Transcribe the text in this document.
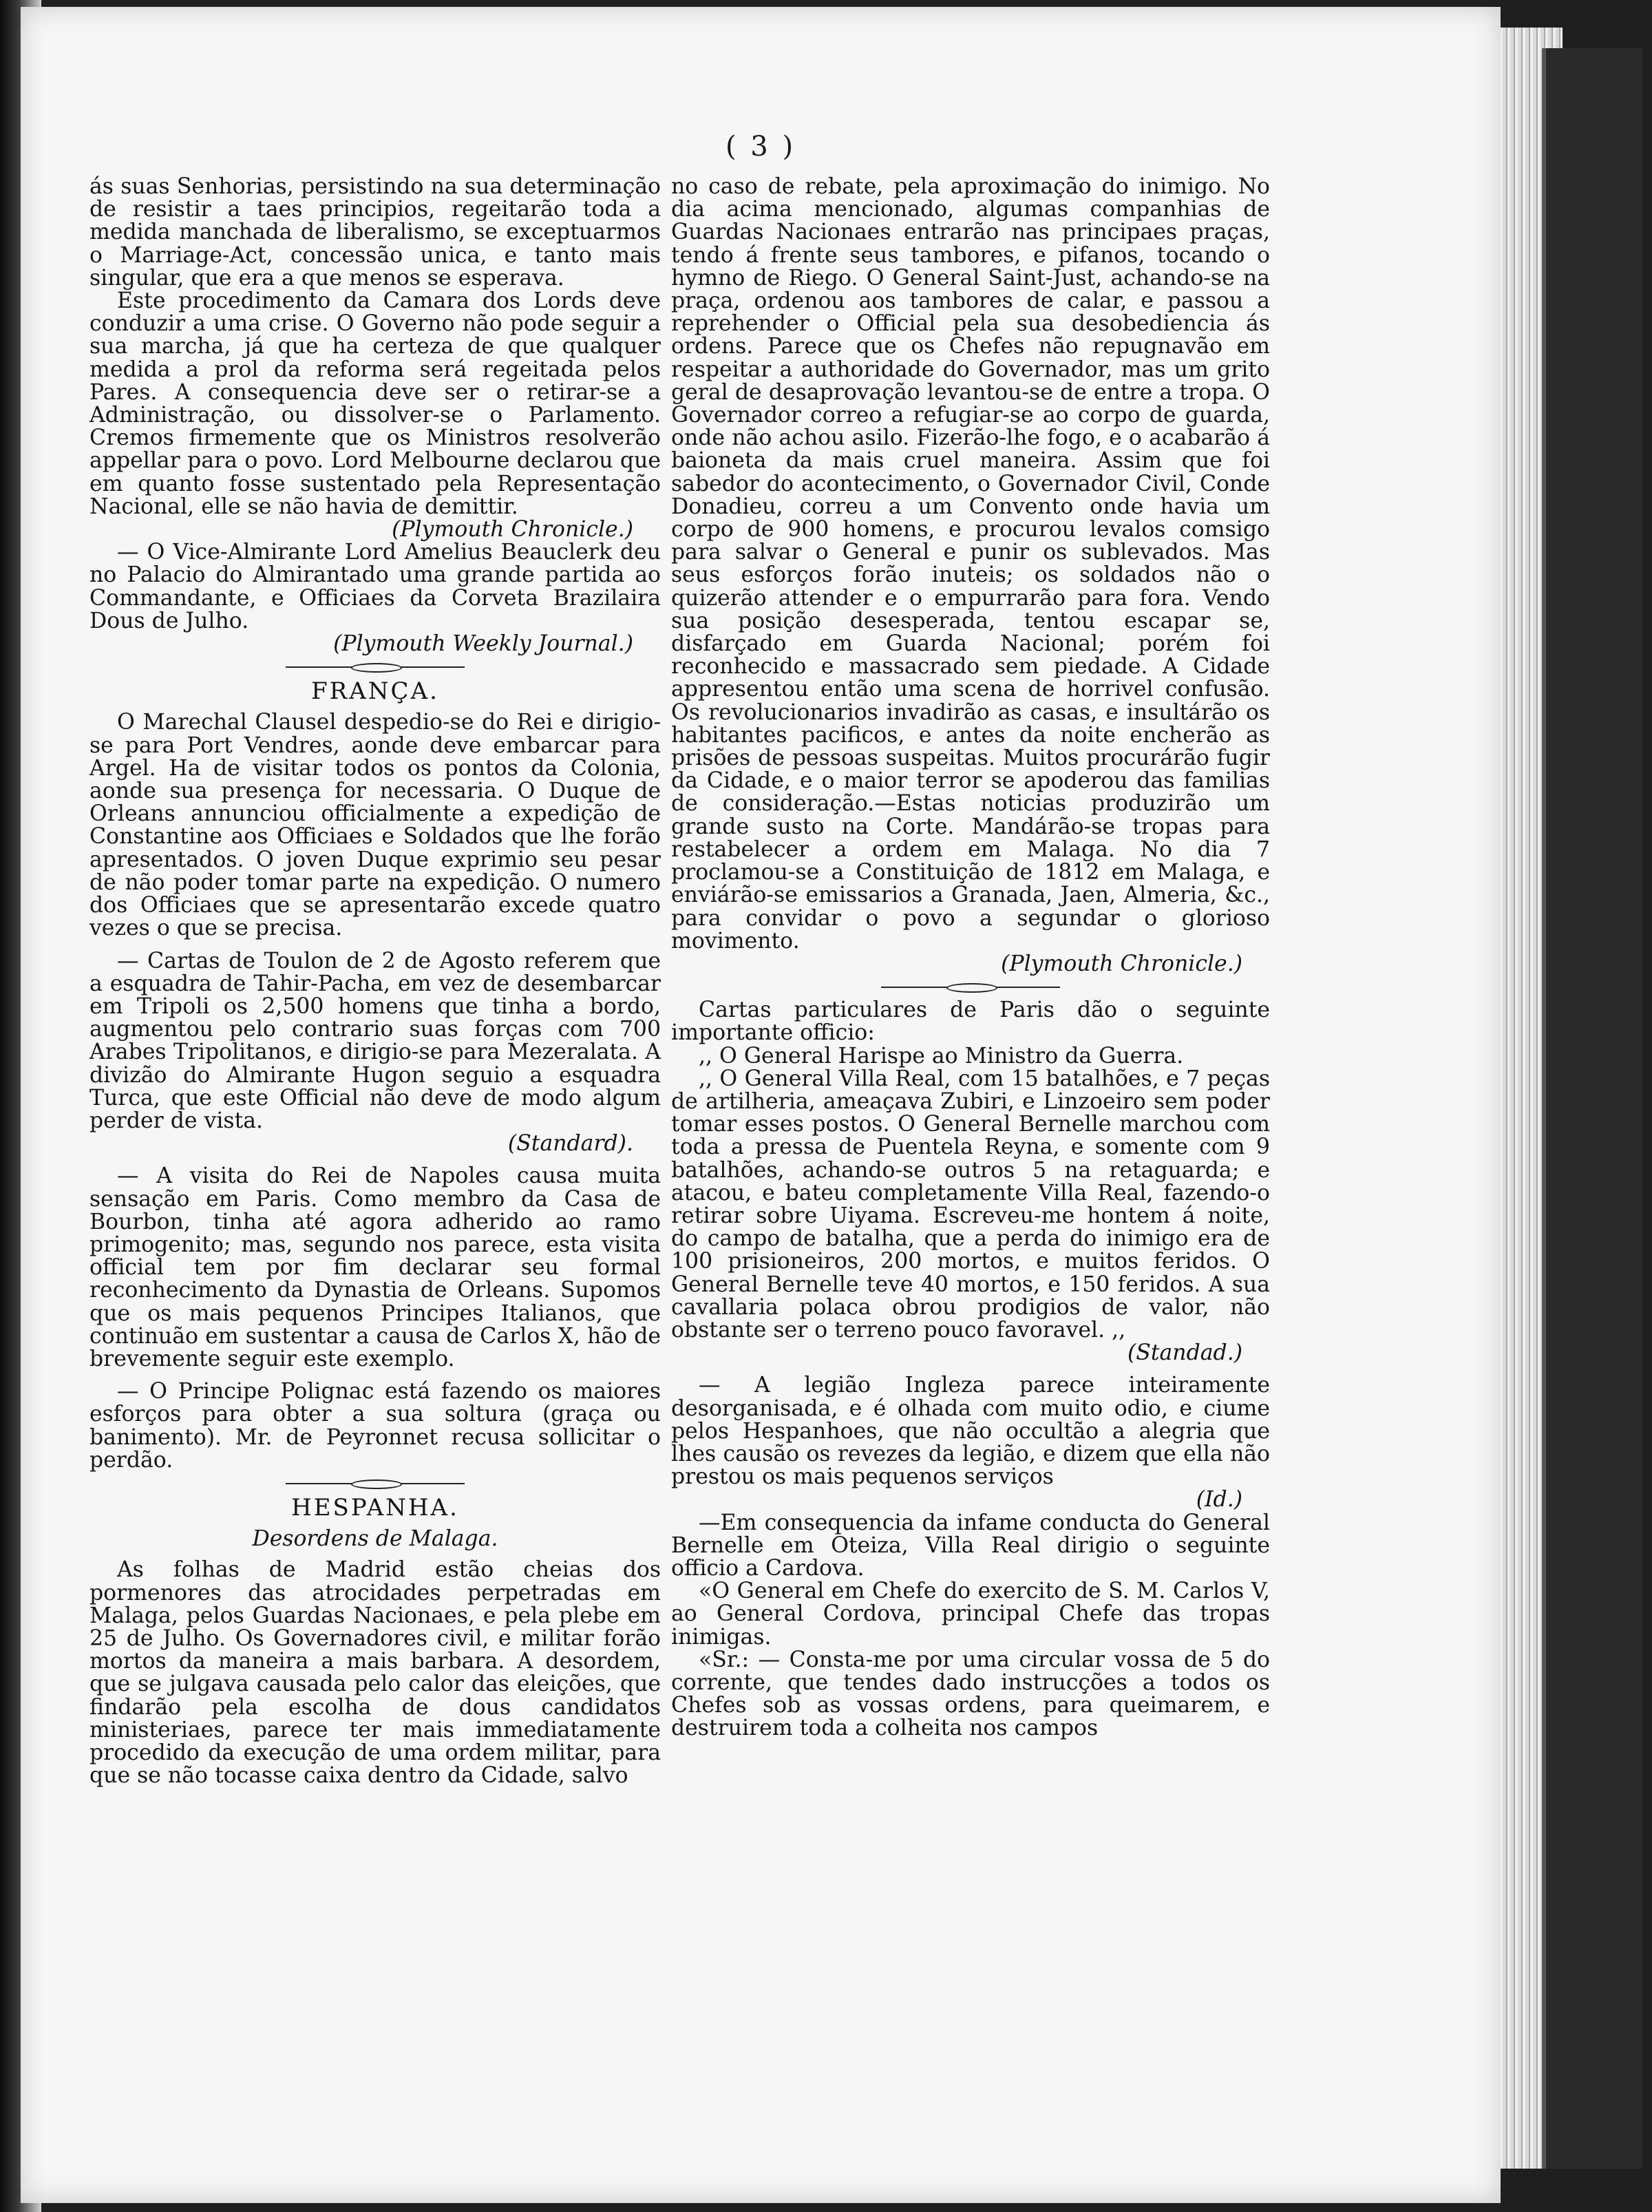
( 3 )

ás suas Senhorias, persistindo na sua determinação de resistir a taes principios, regeitarão toda a medida manchada de liberalismo, se exceptuarmos o Marriage-Act, concessão unica, e tanto mais singular, que era a que menos se esperava.

Este procedimento da Camara dos Lords deve conduzir a uma crise. O Governo não pode seguir a sua marcha, já que ha certeza de que qualquer medida a prol da reforma será regeitada pelos Pares. A consequencia deve ser o retirar-se a Administração, ou dissolver-se o Parlamento. Cremos firmemente que os Ministros resolverão appellar para o povo. Lord Melbourne declarou que em quanto fosse sustentado pela Representação Nacional, elle se não havia de demittir.

(Plymouth Chronicle.)

— O Vice-Almirante Lord Amelius Beauclerk deu no Palacio do Almirantado uma grande partida ao Commandante, e Officiaes da Corveta Brazilaira Dous de Julho.

(Plymouth Weekly Journal.)

FRANÇA.

O Marechal Clausel despedio-se do Rei e dirigio-se para Port Vendres, aonde deve embarcar para Argel. Ha de visitar todos os pontos da Colonia, aonde sua presença for necessaria. O Duque de Orleans annunciou officialmente a expedição de Constantine aos Officiaes e Soldados que lhe forão apresentados. O joven Duque exprimio seu pesar de não poder tomar parte na expedição. O numero dos Officiaes que se apresentarão excede quatro vezes o que se precisa.

— Cartas de Toulon de 2 de Agosto referem que a esquadra de Tahir-Pacha, em vez de desembarcar em Tripoli os 2,500 homens que tinha a bordo, augmentou pelo contrario suas forças com 700 Arabes Tripolitanos, e dirigio-se para Mezeralata. A divizão do Almirante Hugon seguio a esquadra Turca, que este Official não deve de modo algum perder de vista.

(Standard).

— A visita do Rei de Napoles causa muita sensação em Paris. Como membro da Casa de Bourbon, tinha até agora adherido ao ramo primogenito; mas, segundo nos parece, esta visita official tem por fim declarar seu formal reconhecimento da Dynastia de Orleans. Supomos que os mais pequenos Principes Italianos, que continuão em sustentar a causa de Carlos X, hão de brevemente seguir este exemplo.

— O Principe Polignac está fazendo os maiores esforços para obter a sua soltura (graça ou banimento). Mr. de Peyronnet recusa sollicitar o perdão.

HESPANHA.
Desordens de Malaga.

As folhas de Madrid estão cheias dos pormenores das atrocidades perpetradas em Malaga, pelos Guardas Nacionaes, e pela plebe em 25 de Julho. Os Governadores civil, e militar forão mortos da maneira a mais barbara. A desordem, que se julgava causada pelo calor das eleições, que findarão pela escolha de dous candidatos ministeriaes, parece ter mais immediatamente procedido da execução de uma ordem militar, para que se não tocasse caixa dentro da Cidade, salvo

no caso de rebate, pela aproximação do inimigo. No dia acima mencionado, algumas companhias de Guardas Nacionaes entrarão nas principaes praças, tendo á frente seus tambores, e pifanos, tocando o hymno de Riego. O General Saint-Just, achando-se na praça, ordenou aos tambores de calar, e passou a reprehender o Official pela sua desobediencia ás ordens. Parece que os Chefes não repugnavão em respeitar a authoridade do Governador, mas um grito geral de desaprovação levantou-se de entre a tropa. O Governador correo a refugiar-se ao corpo de guarda, onde não achou asilo. Fizerão-lhe fogo, e o acabarão á baioneta da mais cruel maneira. Assim que foi sabedor do acontecimento, o Governador Civil, Conde Donadieu, correu a um Convento onde havia um corpo de 900 homens, e procurou levalos comsigo para salvar o General e punir os sublevados. Mas seus esforços forão inuteis; os soldados não o quizerão attender e o empurrarão para fora. Vendo sua posição desesperada, tentou escapar se, disfarçado em Guarda Nacional; porém foi reconhecido e massacrado sem piedade. A Cidade appresentou então uma scena de horrivel confusão. Os revolucionarios invadirão as casas, e insultárão os habitantes pacificos, e antes da noite encherão as prisões de pessoas suspeitas. Muitos procurárão fugir da Cidade, e o maior terror se apoderou das familias de consideração.—Estas noticias produzirão um grande susto na Corte. Mandárão-se tropas para restabelecer a ordem em Malaga. No dia 7 proclamou-se a Constituição de 1812 em Malaga, e enviárão-se emissarios a Granada, Jaen, Almeria, &c., para convidar o povo a segundar o glorioso movimento.

(Plymouth Chronicle.)

Cartas particulares de Paris dão o seguinte importante officio:

,, O General Harispe ao Ministro da Guerra.

,, O General Villa Real, com 15 batalhões, e 7 peças de artilheria, ameaçava Zubiri, e Linzoeiro sem poder tomar esses postos. O General Bernelle marchou com toda a pressa de Puentela Reyna, e somente com 9 batalhões, achando-se outros 5 na retaguarda; e atacou, e bateu completamente Villa Real, fazendo-o retirar sobre Uiyama. Escreveu-me hontem á noite, do campo de batalha, que a perda do inimigo era de 100 prisioneiros, 200 mortos, e muitos feridos. O General Bernelle teve 40 mortos, e 150 feridos. A sua cavallaria polaca obrou prodigios de valor, não obstante ser o terreno pouco favoravel. ,,

(Standad.)

— A legião Ingleza parece inteiramente desorganisada, e é olhada com muito odio, e ciume pelos Hespanhoes, que não occultão a alegria que lhes causão os revezes da legião, e dizem que ella não prestou os mais pequenos serviços

(Id.)

—Em consequencia da infame conducta do General Bernelle em Oteiza, Villa Real dirigio o seguinte officio a Cardova.

«O General em Chefe do exercito de S. M. Carlos V, ao General Cordova, principal Chefe das tropas inimigas.

«Sr.: — Consta-me por uma circular vossa de 5 do corrente, que tendes dado instrucções a todos os Chefes sob as vossas ordens, para queimarem, e destruirem toda a colheita nos campos
